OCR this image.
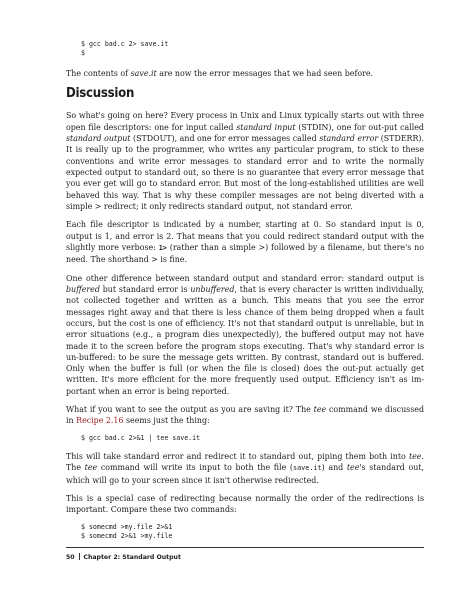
$ gcc bad.c 2> save.it
$

The contents of save.it are now the error messages that we had seen before.

Discussion

So what's going on here? Every process in Unix and Linux typically starts out with three open file descriptors: one for input called standard input (STDIN), one for out-put called standard output (STDOUT), and one for error messages called standard error (STDERR). It is really up to the programmer, who writes any particular program, to stick to these conventions and write error messages to standard error and to write the normally expected output to standard out, so there is no guarantee that every error message that you ever get will go to standard error. But most of the long-established utilities are well behaved this way. That is why these compiler messages are not being diverted with a simple > redirect; it only redirects standard output, not standard error.

Each file descriptor is indicated by a number, starting at 0. So standard input is 0, output is 1, and error is 2. That means that you could redirect standard output with the slightly more verbose: 1> (rather than a simple >) followed by a filename, but there's no need. The shorthand > is fine.

One other difference between standard output and standard error: standard output is buffered but standard error is unbuffered, that is every character is written individually, not collected together and written as a bunch. This means that you see the error messages right away and that there is less chance of them being dropped when a fault occurs, but the cost is one of efficiency. It's not that standard output is unreliable, but in error situations (e.g., a program dies unexpectedly), the buffered output may not have made it to the screen before the program stops executing. That's why standard error is un-buffered: to be sure the message gets written. By contrast, standard out is buffered. Only when the buffer is full (or when the file is closed) does the out-put actually get written. It's more efficient for the more frequently used output. Efficiency isn't as im-portant when an error is being reported.

What if you want to see the output as you are saving it? The tee command we discussed in Recipe 2.16 seems just the thing:

$ gcc bad.c 2>&1 | tee save.it

This will take standard error and redirect it to standard out, piping them both into tee. The tee command will write its input to both the file (save.it) and tee's standard out, which will go to your screen since it isn't otherwise redirected.

This is a special case of redirecting because normally the order of the redirections is important. Compare these two commands:

$ somecmd >my.file 2>&1
$ somecmd 2>&1 >my.file
50 Chapter 2: Standard Output
